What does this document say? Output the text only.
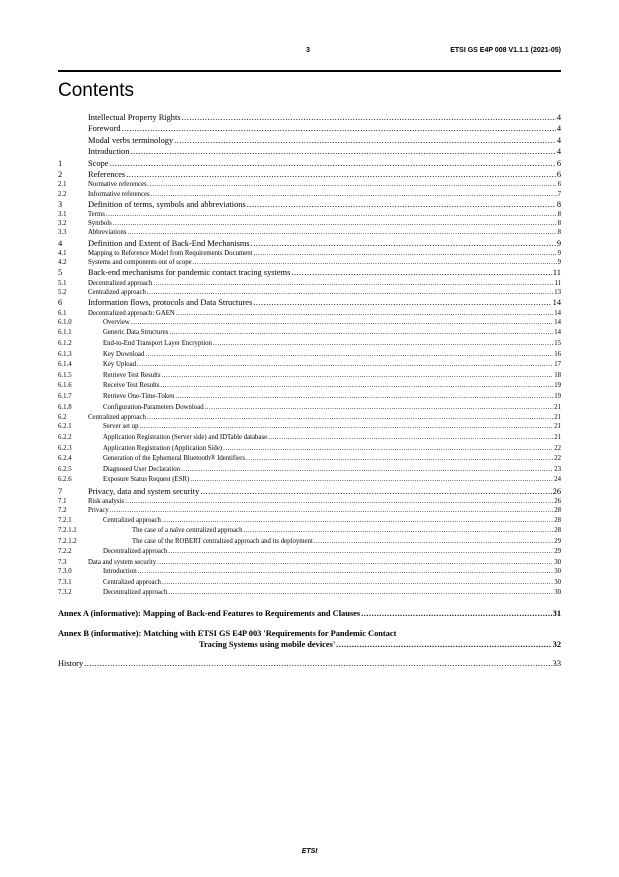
3	ETSI GS E4P 008 V1.1.1 (2021-05)
Contents
Intellectual Property Rights .....	4
Foreword .....	4
Modal verbs terminology .....	4
Introduction .....	4
1	Scope .....	6
2	References .....	6
2.1	Normative references .....	6
2.2	Informative references .....	7
3	Definition of terms, symbols and abbreviations .....	8
3.1	Terms .....	8
3.2	Symbols .....	8
3.3	Abbreviations .....	8
4	Definition and Extent of Back-End Mechanisms .....	9
4.1	Mapping to Reference Model from Requirements Document .....	9
4.2	Systems and components out of scope .....	9
5	Back-end mechanisms for pandemic contact tracing systems .....	11
5.1	Decentralized approach .....	11
5.2	Centralized approach .....	13
6	Information flows, protocols and Data Structures .....	14
6.1	Decentralized approach: GAEN .....	14
6.1.0	Overview .....	14
6.1.1	Generic Data Structures .....	14
6.1.2	End-to-End Transport Layer Encryption .....	15
6.1.3	Key Download .....	16
6.1.4	Key Upload .....	17
6.1.5	Retrieve Test Results .....	18
6.1.6	Receive Test Results .....	19
6.1.7	Retrieve One-Time-Token .....	19
6.1.8	Configuration-Parameters Download .....	21
6.2	Centralized approach .....	21
6.2.1	Server set up .....	21
6.2.2	Application Registration (Server side) and IDTable database .....	21
6.2.3	Application Registration (Application Side) .....	22
6.2.4	Generation of the Ephemeral Bluetooth® Identifiers .....	22
6.2.5	Diagnosed User Declaration .....	23
6.2.6	Exposure Status Request (ESR) .....	24
7	Privacy, data and system security .....	26
7.1	Risk analysis .....	26
7.2	Privacy .....	28
7.2.1	Centralized approach .....	28
7.2.1.1	The case of a naïve centralized approach .....	28
7.2.1.2	The case of the ROBERT centralized approach and its deployment .....	29
7.2.2	Decentralized approach .....	29
7.3	Data and system security .....	30
7.3.0	Introduction .....	30
7.3.1	Centralized approach .....	30
7.3.2	Decentralized approach .....	30
Annex A (informative): Mapping of Back-end Features to Requirements and Clauses .....	31
Annex B (informative): Matching with ETSI GS E4P 003 'Requirements for Pandemic Contact
Tracing Systems using mobile devices' .....	32
History .....	33
ETSI
